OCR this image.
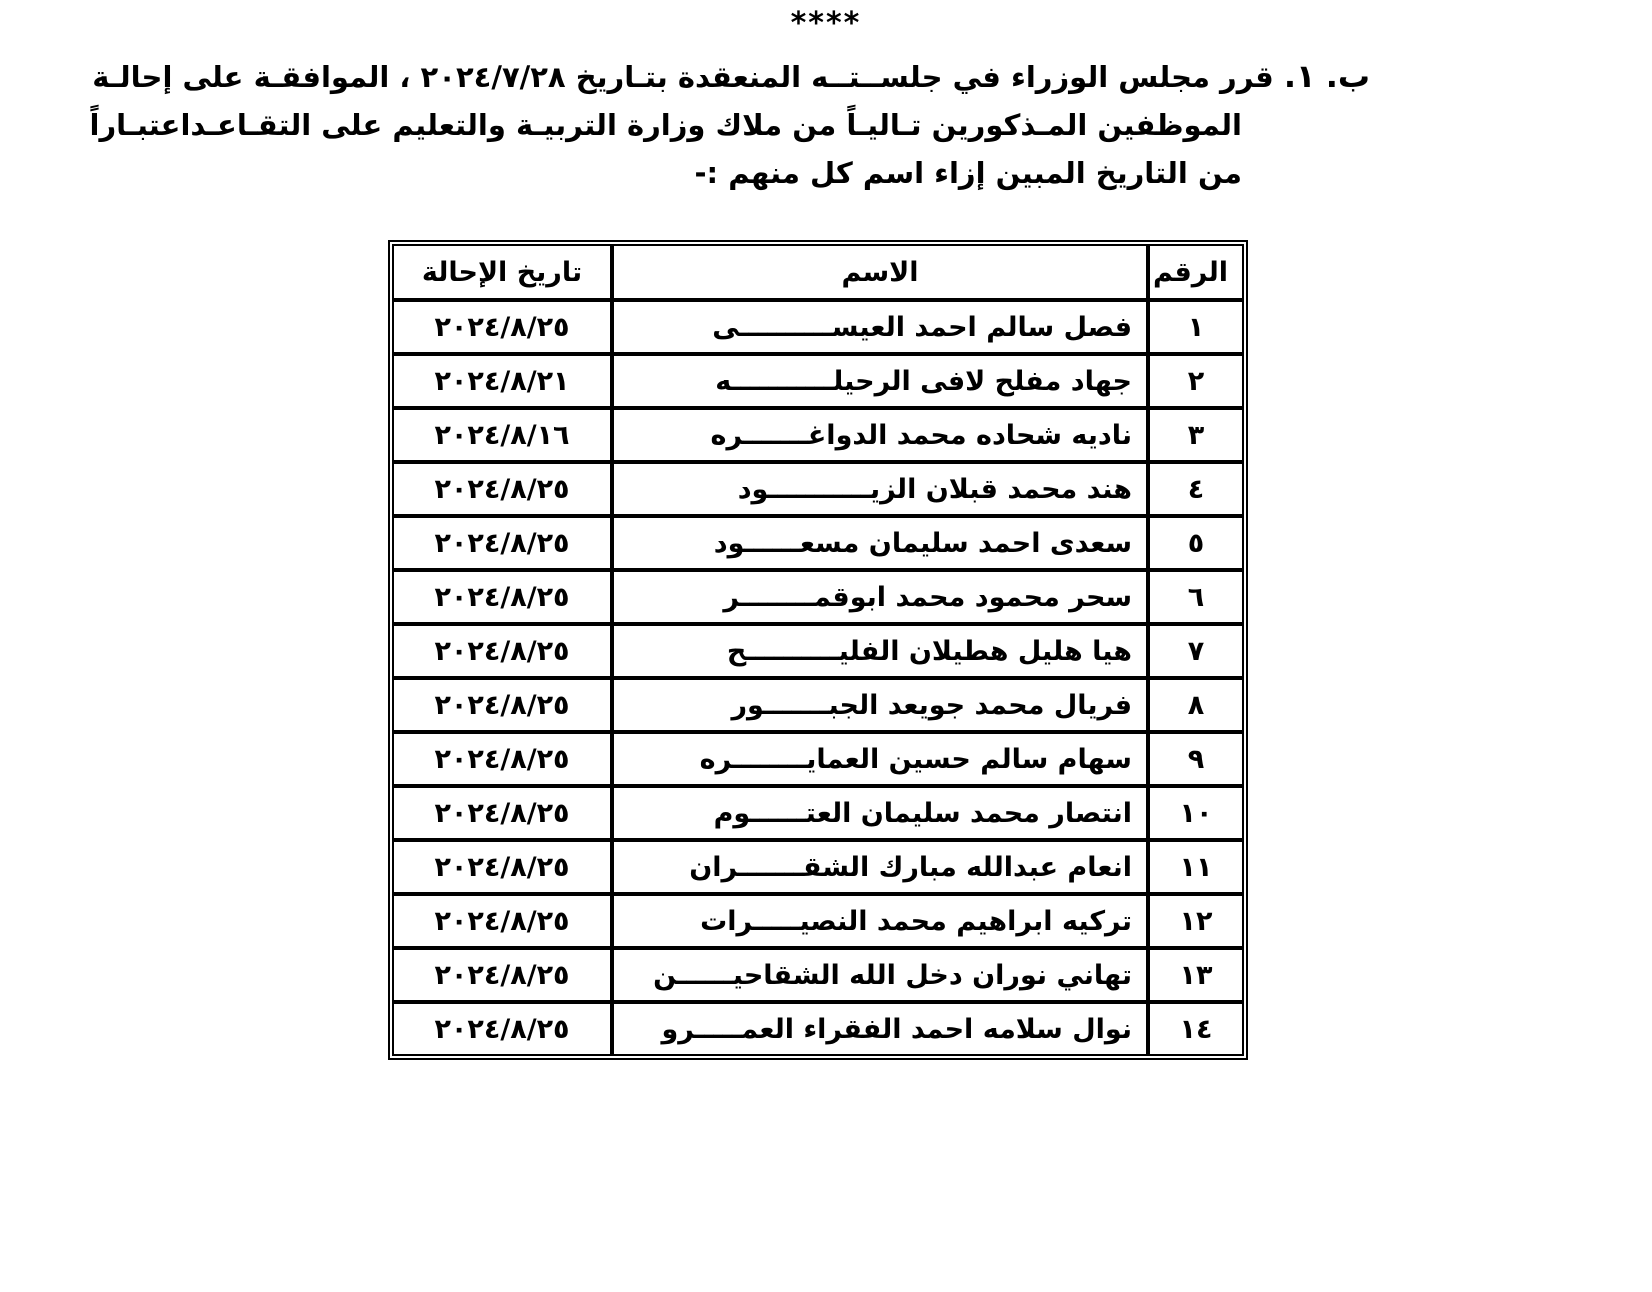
****
ب. ١. قرر مجلس الوزراء في جلســتــه المنعقدة بتـاريخ ٢٠٢٤/٧/٢٨ ، الموافقـة على إحالـة
الموظفين المـذكورين تـاليـاً من ملاك وزارة التربيـة والتعليم على التقـاعـداعتبـاراً
من التاريخ المبين إزاء اسم كل منهم :-
الرقم	الاسم	تاريخ الإحالة
١	فصل سالم احمد العيســــــــــى	٢٠٢٤/٨/٢٥
٢	جهاد مفلح لافى الرحيلـــــــــــه	٢٠٢٤/٨/٢١
٣	ناديه شحاده محمد الدواغـــــــره	٢٠٢٤/٨/١٦
٤	هند محمد قبلان الزيـــــــــــود	٢٠٢٤/٨/٢٥
٥	سعدى احمد سليمان مسعــــــود	٢٠٢٤/٨/٢٥
٦	سحر محمود محمد ابوقمــــــــر	٢٠٢٤/٨/٢٥
٧	هيا هليل هطيلان الفليــــــــــح	٢٠٢٤/٨/٢٥
٨	فريال محمد جويعد الجبـــــــور	٢٠٢٤/٨/٢٥
٩	سهام سالم حسين العمايــــــــره	٢٠٢٤/٨/٢٥
١٠	انتصار محمد سليمان العتــــــوم	٢٠٢٤/٨/٢٥
١١	انعام عبدالله مبارك الشقـــــــران	٢٠٢٤/٨/٢٥
١٢	تركيه ابراهيم محمد النصيـــــرات	٢٠٢٤/٨/٢٥
١٣	تهاني نوران دخل الله الشقاحيــــــن	٢٠٢٤/٨/٢٥
١٤	نوال سلامه احمد الفقراء العمـــــرو	٢٠٢٤/٨/٢٥
